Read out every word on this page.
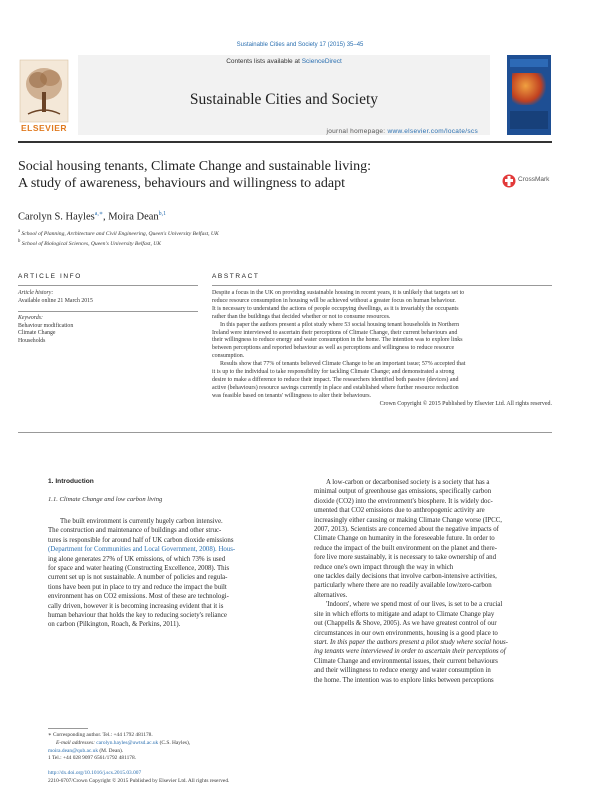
Sustainable Cities and Society 17 (2015) 35–45
ELSEVIER
Contents lists available at ScienceDirect
Sustainable Cities and Society
journal homepage: www.elsevier.com/locate/scs
Social housing tenants, Climate Change and sustainable living:
A study of awareness, behaviours and willingness to adapt	CrossMark
Carolyn S. Hayles$^{a,∗}$, Moira Dean$^{b,1}$
$^a$ School of Planning, Architecture and Civil Engineering, Queen's University Belfast, UK
$^b$ School of Biological Sciences, Queen's University Belfast, UK
ARTICLE INFO
Article history:
Available online 21 March 2015
Keywords:
Behaviour modification
Climate Change
Households
ABSTRACT
Despite a focus in the UK on providing sustainable housing in recent years, it is unlikely that targets set to
reduce resource consumption in housing will be achieved without a greater focus on human behaviour.
It is necessary to understand the actions of people occupying dwellings, as it is invariably the occupants
rather than the buildings that decided whether or not to consume resources.
In this paper the authors present a pilot study where 53 social housing tenant households in Northern
Ireland were interviewed to ascertain their perceptions of Climate Change, their current behaviours and
their willingness to reduce energy and water consumption in the home. The intention was to explore links
between perceptions and reported behaviour as well as perceptions and willingness to reduce resource
consumption.
Results show that 77% of tenants believed Climate Change to be an important issue; 57% accepted that
it is up to the individual to take responsibility for tackling Climate Change; and demonstrated a strong
desire to make a difference to reduce their impact. The researchers identified both passive (devices) and
active (behaviours) resource savings currently in place and established where further resource reduction
was feasible based on tenants' willingness to alter their behaviours.
Crown Copyright © 2015 Published by Elsevier Ltd. All rights reserved.
1. Introduction
1.1. Climate Change and low carbon living
The built environment is currently hugely carbon intensive.
The construction and maintenance of buildings and other struc-
tures is responsible for around half of UK carbon dioxide emissions
(Department for Communities and Local Government, 2008). Hous-
ing alone generates 27% of UK emissions, of which 73% is used
for space and water heating (Constructing Excellence, 2008). This
current set up is not sustainable. A number of policies and regula-
tions have been put in place to try and reduce the impact the built
environment has on CO2 emissions. Most of these are technologi-
cally driven, however it is becoming increasing evident that it is
human behaviour that holds the key to reducing society's reliance
on carbon (Pilkington, Roach, & Perkins, 2011).
∗ Corresponding author. Tel.: +44 1792 481178.
E-mail addresses: carolyn.hayles@uwtsd.ac.uk (C.S. Hayles),
moira.dean@qub.ac.uk (M. Dean).
1 Tel.: +44 028 9097 6561/1792 481178.
http://dx.doi.org/10.1016/j.scs.2015.03.007
2210-6707/Crown Copyright © 2015 Published by Elsevier Ltd. All rights reserved.
A low-carbon or decarbonised society is a society that has a
minimal output of greenhouse gas emissions, specifically carbon
dioxide (CO2) into the environment's biosphere. It is widely doc-
umented that CO2 emissions due to anthropogenic activity are
increasingly either causing or making Climate Change worse (IPCC,
2007, 2013). Scientists are concerned about the negative impacts of
Climate Change on humanity in the foreseeable future. In order to
reduce the impact of the built environment on the planet and there-
fore live more sustainably, it is necessary to take ownership of and
reduce one's own impact through the way in which
one tackles daily decisions that involve carbon-intensive activities,
particularly where there are no readily available low/zero-carbon
alternatives.
'Indoors', where we spend most of our lives, is set to be a crucial
site in which efforts to mitigate and adapt to Climate Change play
out (Chappells & Shove, 2005). As we have greatest control of our
circumstances in our own environments, housing is a good place to
start. In this paper the authors present a pilot study where social hous-
ing tenants were interviewed in order to ascertain their perceptions of
Climate Change and environmental issues, their current behaviours
and their willingness to reduce energy and water consumption in
the home. The intention was to explore links between perceptions
